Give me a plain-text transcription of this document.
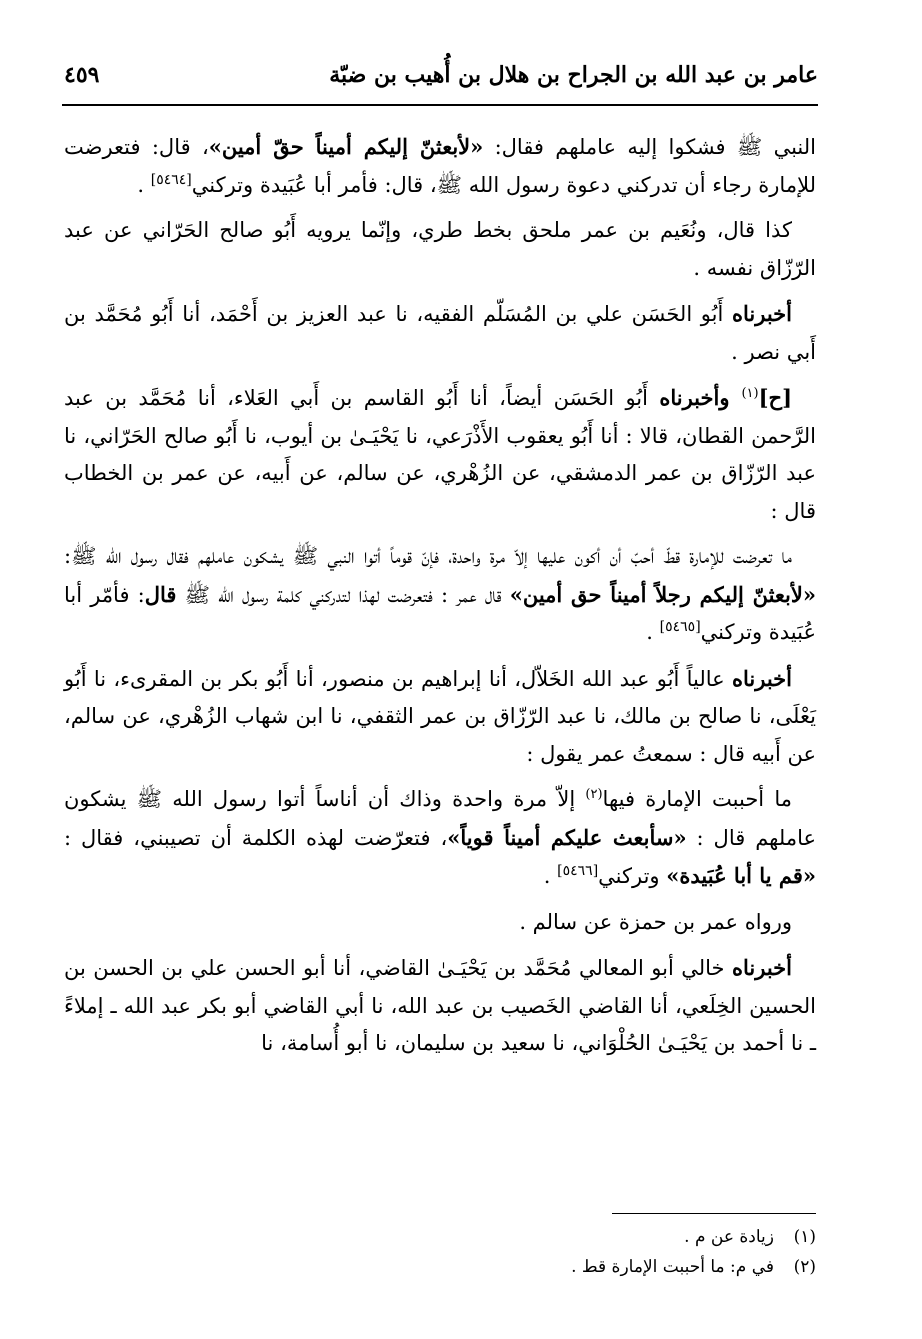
عامر بن عبد الله بن الجراح بن هلال بن أُهيب بن ضبّة
٤٥٩

النبي ﷺ فشكوا إليه عاملهم فقال: «لأبعثنّ إليكم أميناً حقّ أمين»، قال: فتعرضت للإمارة رجاء أن تدركني دعوة رسول الله ﷺ، قال: فأمر أبا عُبَيدة وتركني[٥٤٦٤] .

كذا قال، ونُعَيم بن عمر ملحق بخط طري، وإنّما يرويه أَبُو صالح الحَرّاني عن عبد الرّزّاق نفسه .

أخبرناه أَبُو الحَسَن علي بن المُسَلّم الفقيه، نا عبد العزيز بن أَحْمَد، أنا أَبُو مُحَمَّد بن أَبي نصر .

[ح]$^{(١)}$ وأخبرناه أَبُو الحَسَن أيضاً، أنا أَبُو القاسم بن أَبي العَلاء، أنا مُحَمَّد بن عبد الرَّحمن القطان، قالا : أنا أَبُو يعقوب الأَذْرَعي، نا يَحْيَـىٰ بن أيوب، نا أَبُو صالح الحَرّاني، نا عبد الرّزّاق بن عمر الدمشقي، عن الزُهْري، عن سالم، عن أَبيه، عن عمر بن الخطاب قال :

ما تعرضت للإمارة قطّ أحبّ أن أكون عليها إلاّ مرة واحدة، فإنّ قوماً أتوا النبي ﷺ يشكون عاملهم فقال رسول الله ﷺ: «لأبعثنّ إليكم رجلاً أميناً حق أمين» قال عمر : فتعرضت لهذا لتدركني كلمة رسول الله ﷺ قال: فأمّر أبا عُبَيدة وتركني[٥٤٦٥] .

أخبرناه عالياً أَبُو عبد الله الخَلاّل، أنا إبراهيم بن منصور، أنا أَبُو بكر بن المقرىء، نا أَبُو يَعْلَى، نا صالح بن مالك، نا عبد الرّزّاق بن عمر الثقفي، نا ابن شهاب الزُهْري، عن سالم، عن أَبيه قال : سمعتُ عمر يقول :

ما أحببت الإمارة فيها$^{(٢)}$ إلاّ مرة واحدة وذاك أن أناساً أتوا رسول الله ﷺ يشكون عاملهم قال : «سأبعث عليكم أميناً قوياً»، فتعرّضت لهذه الكلمة أن تصيبني، فقال : «قم يا أبا عُبَيدة» وتركني[٥٤٦٦] .

ورواه عمر بن حمزة عن سالم .

أخبرناه خالي أبو المعالي مُحَمَّد بن يَحْيَـىٰ القاضي، أنا أبو الحسن علي بن الحسن بن الحسين الخِلَعي، أنا القاضي الخَصيب بن عبد الله، نا أبي القاضي أبو بكر عبد الله ـ إملاءً ـ نا أحمد بن يَحْيَـىٰ الحُلْوَاني، نا سعيد بن سليمان، نا أبو أُسامة، نا

(١)زيادة عن م .
(٢)في م: ما أحببت الإمارة قط .
